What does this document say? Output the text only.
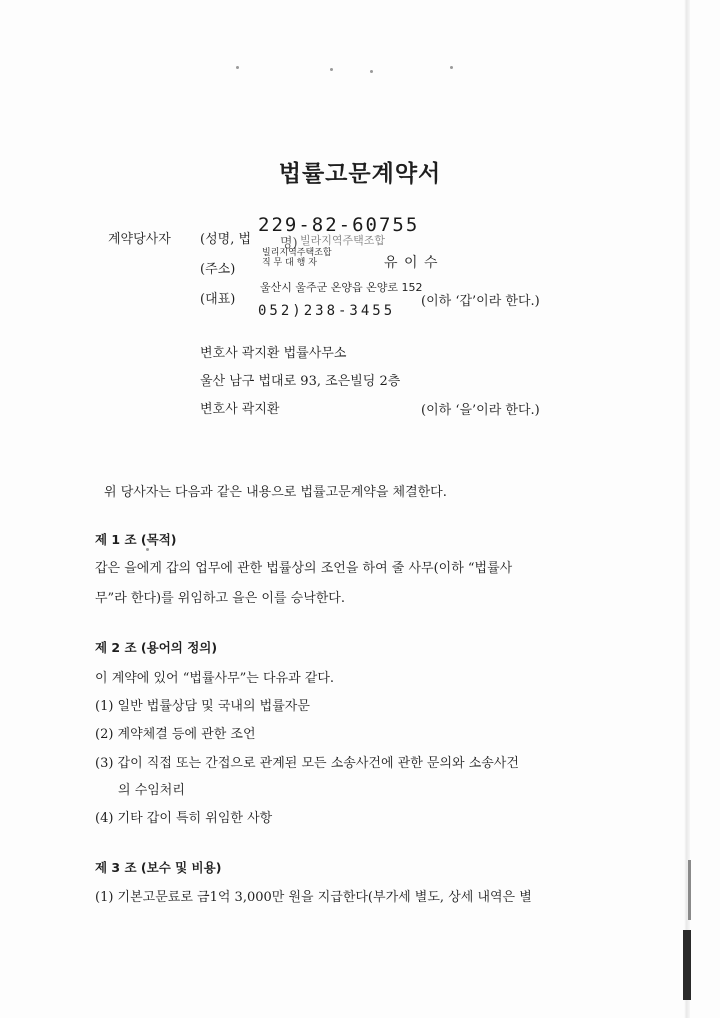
법률고문계약서
계약당사자 (성명, 법
229-82-60755
명) 빌라지역주택조합
(주소)
빌리지역주택조합
직 무 대 행 자	유 이 수
(대표)
울산시 울주군 온양읍 온양로 152
(이하 ‘갑’이라 한다.)
052)238-3455
변호사 곽지환 법률사무소
울산 남구 법대로 93, 조은빌딩 2층
변호사 곽지환	(이하 ‘을’이라 한다.)
위 당사자는 다음과 같은 내용으로 법률고문계약을 체결한다.
제 1 조 (목적)
갑은 을에게 갑의 업무에 관한 법률상의 조언을 하여 줄 사무(이하 “법률사
무”라 한다)를 위임하고 을은 이를 승낙한다.
제 2 조 (용어의 정의)
이 계약에 있어 “법률사무”는 다유과 같다.
(1) 일반 법률상담 및 국내의 법률자문
(2) 계약체결 등에 관한 조언
(3) 갑이 직접 또는 간접으로 관계된 모든 소송사건에 관한 문의와 소송사건
의 수임처리
(4) 기타 갑이 특히 위임한 사항
제 3 조 (보수 및 비용)
(1) 기본고문료로 금1억 3,000만 원을 지급한다(부가세 별도, 상세 내역은 별
